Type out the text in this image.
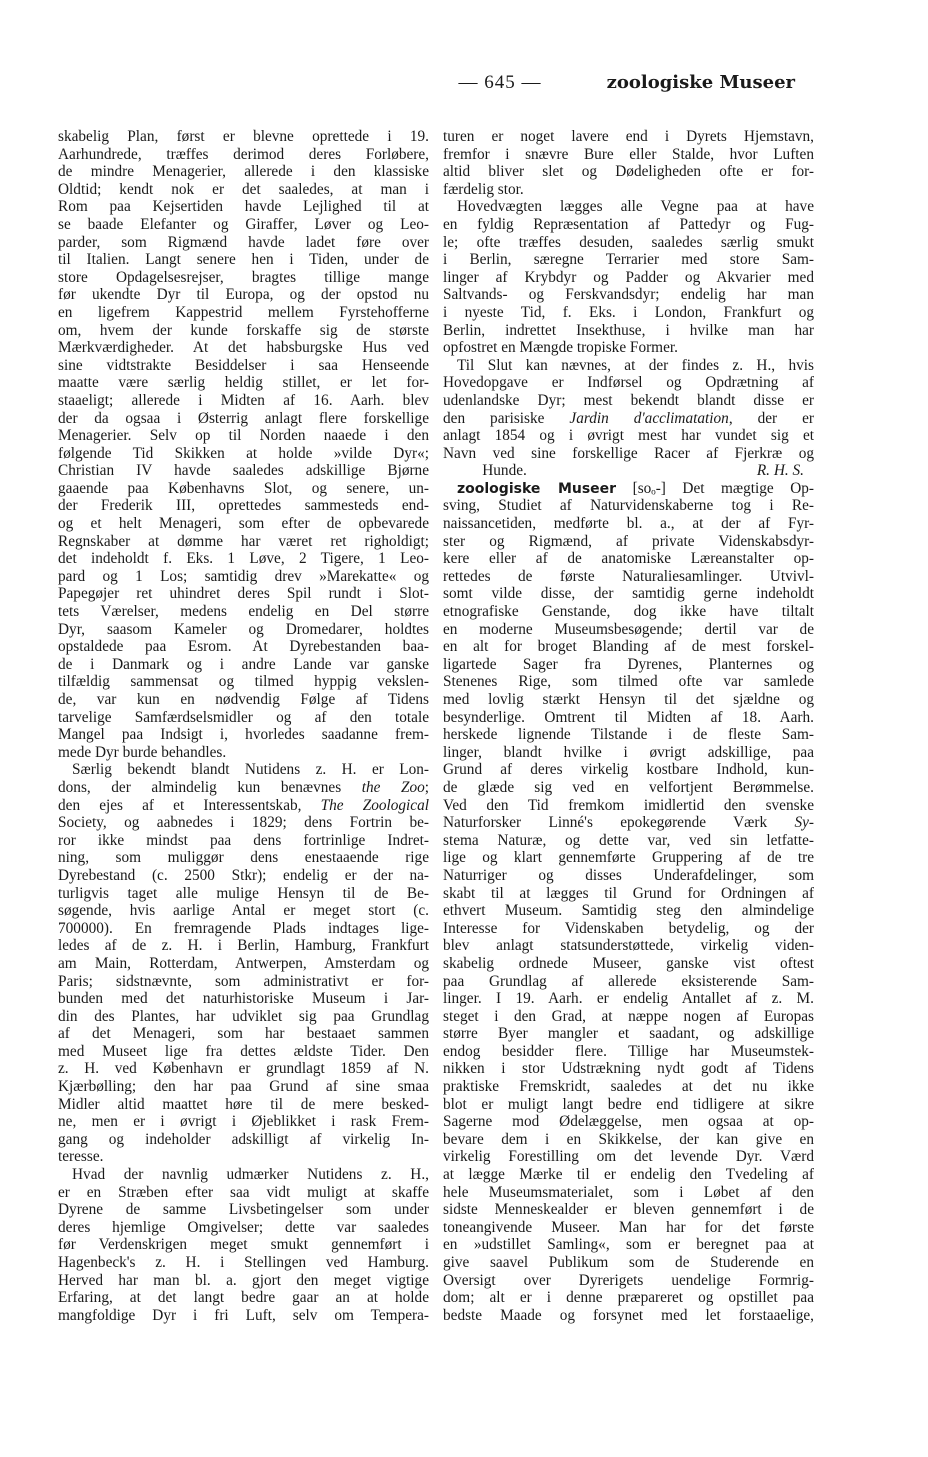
— 645 —	zoologiske Museer
skabelig Plan, først er blevne oprettede i 19.
Aarhundrede, træffes derimod deres Forløbere,
de mindre Menagerier, allerede i den klassiske
Oldtid; kendt nok er det saaledes, at man i
Rom paa Kejsertiden havde Lejlighed til at
se baade Elefanter og Giraffer, Løver og Leo-
parder, som Rigmænd havde ladet føre over
til Italien. Langt senere hen i Tiden, under de
store Opdagelsesrejser, bragtes tillige mange
før ukendte Dyr til Europa, og der opstod nu
en ligefrem Kappestrid mellem Fyrstehofferne
om, hvem der kunde forskaffe sig de største
Mærkværdigheder. At det habsburgske Hus ved
sine vidtstrakte Besiddelser i saa Henseende
maatte være særlig heldig stillet, er let for-
staaeligt; allerede i Midten af 16. Aarh. blev
der da ogsaa i Østerrig anlagt flere forskellige
Menagerier. Selv op til Norden naaede i den
følgende Tid Skikken at holde »vilde Dyr«;
Christian IV havde saaledes adskillige Bjørne
gaaende paa Københavns Slot, og senere, un-
der Frederik III, oprettedes sammesteds end-
og et helt Menageri, som efter de opbevarede
Regnskaber at dømme har været ret righoldigt;
det indeholdt f. Eks. 1 Løve, 2 Tigere, 1 Leo-
pard og 1 Los; samtidig drev »Marekatte« og
Papegøjer ret uhindret deres Spil rundt i Slot-
tets Værelser, medens endelig en Del større
Dyr, saasom Kameler og Dromedarer, holdtes
opstaldede paa Esrom. At Dyrebestanden baa-
de i Danmark og i andre Lande var ganske
tilfældig sammensat og tilmed hyppig vekslen-
de, var kun en nødvendig Følge af Tidens
tarvelige Samfærdselsmidler og af den totale
Mangel paa Indsigt i, hvorledes saadanne frem-
mede Dyr burde behandles.
Særlig bekendt blandt Nutidens z. H. er Lon-
dons, der almindelig kun benævnes the Zoo;
den ejes af et Interessentskab, The Zoological
Society, og aabnedes i 1829; dens Fortrin be-
ror ikke mindst paa dens fortrinlige Indret-
ning, som muliggør dens enestaaende rige
Dyrebestand (c. 2500 Stkr); endelig er der na-
turligvis taget alle mulige Hensyn til de Be-
søgende, hvis aarlige Antal er meget stort (c.
700000). En fremragende Plads indtages lige-
ledes af de z. H. i Berlin, Hamburg, Frankfurt
am Main, Rotterdam, Antwerpen, Amsterdam og
Paris; sidstnævnte, som administrativt er for-
bunden med det naturhistoriske Museum i Jar-
din des Plantes, har udviklet sig paa Grundlag
af det Menageri, som har bestaaet sammen
med Museet lige fra dettes ældste Tider. Den
z. H. ved København er grundlagt 1859 af N.
Kjærbølling; den har paa Grund af sine smaa
Midler altid maattet høre til de mere besked-
ne, men er i øvrigt i Øjeblikket i rask Frem-
gang og indeholder adskilligt af virkelig In-
teresse.
Hvad der navnlig udmærker Nutidens z. H.,
er en Stræben efter saa vidt muligt at skaffe
Dyrene de samme Livsbetingelser som under
deres hjemlige Omgivelser; dette var saaledes
før Verdenskrigen meget smukt gennemført i
Hagenbeck's z. H. i Stellingen ved Hamburg.
Herved har man bl. a. gjort den meget vigtige
Erfaring, at det langt bedre gaar an at holde
mangfoldige Dyr i fri Luft, selv om Tempera-
turen er noget lavere end i Dyrets Hjemstavn,
fremfor i snævre Bure eller Stalde, hvor Luften
altid bliver slet og Dødeligheden ofte er for-
færdelig stor.
Hovedvægten lægges alle Vegne paa at have
en fyldig Repræsentation af Pattedyr og Fug-
le; ofte træffes desuden, saaledes særlig smukt
i Berlin, særegne Terrarier med store Sam-
linger af Krybdyr og Padder og Akvarier med
Saltvands- og Ferskvandsdyr; endelig har man
i nyeste Tid, f. Eks. i London, Frankfurt og
Berlin, indrettet Insekthuse, i hvilke man har
opfostret en Mængde tropiske Former.
Til Slut kan nævnes, at der findes z. H., hvis
Hovedopgave er Indførsel og Opdrætning af
udenlandske Dyr; mest bekendt blandt disse er
den parisiske Jardin d'acclimatation, der er
anlagt 1854 og i øvrigt mest har vundet sig et
Navn ved sine forskellige Racer af Fjerkræ og
Hunde.	R. H. S.
zoologiske Museer [soₒ-] Det mægtige Op-
sving, Studiet af Naturvidenskaberne tog i Re-
naissancetiden, medførte bl. a., at der af Fyr-
ster og Rigmænd, af private Videnskabsdyr-
kere eller af de anatomiske Læreanstalter op-
rettedes de første Naturaliesamlinger. Utvivl-
somt vilde disse, der samtidig gerne indeholdt
etnografiske Genstande, dog ikke have tiltalt
en moderne Museumsbesøgende; dertil var de
en alt for broget Blanding af de mest forskel-
ligartede Sager fra Dyrenes, Planternes og
Stenenes Rige, som tilmed ofte var samlede
med lovlig stærkt Hensyn til det sjældne og
besynderlige. Omtrent til Midten af 18. Aarh.
herskede lignende Tilstande i de fleste Sam-
linger, blandt hvilke i øvrigt adskillige, paa
Grund af deres virkelig kostbare Indhold, kun-
de glæde sig ved en velfortjent Berømmelse.
Ved den Tid fremkom imidlertid den svenske
Naturforsker Linné's epokegørende Værk Sy-
stema Naturæ, og dette var, ved sin letfatte-
lige og klart gennemførte Gruppering af de tre
Naturriger og disses Underafdelinger, som
skabt til at lægges til Grund for Ordningen af
ethvert Museum. Samtidig steg den almindelige
Interesse for Videnskaben betydelig, og der
blev anlagt statsunderstøttede, virkelig viden-
skabelig ordnede Museer, ganske vist oftest
paa Grundlag af allerede eksisterende Sam-
linger. I 19. Aarh. er endelig Antallet af z. M.
steget i den Grad, at næppe nogen af Europas
større Byer mangler et saadant, og adskillige
endog besidder flere. Tillige har Museumstek-
nikken i stor Udstrækning nydt godt af Tidens
praktiske Fremskridt, saaledes at det nu ikke
blot er muligt langt bedre end tidligere at sikre
Sagerne mod Ødelæggelse, men ogsaa at op-
bevare dem i en Skikkelse, der kan give en
virkelig Forestilling om det levende Dyr. Værd
at lægge Mærke til er endelig den Tvedeling af
hele Museumsmaterialet, som i Løbet af den
sidste Menneskealder er bleven gennemført i de
toneangivende Museer. Man har for det første
en »udstillet Samling«, som er beregnet paa at
give saavel Publikum som de Studerende en
Oversigt over Dyrerigets uendelige Formrig-
dom; alt er i denne præpareret og opstillet paa
bedste Maade og forsynet med let forstaaelige,
